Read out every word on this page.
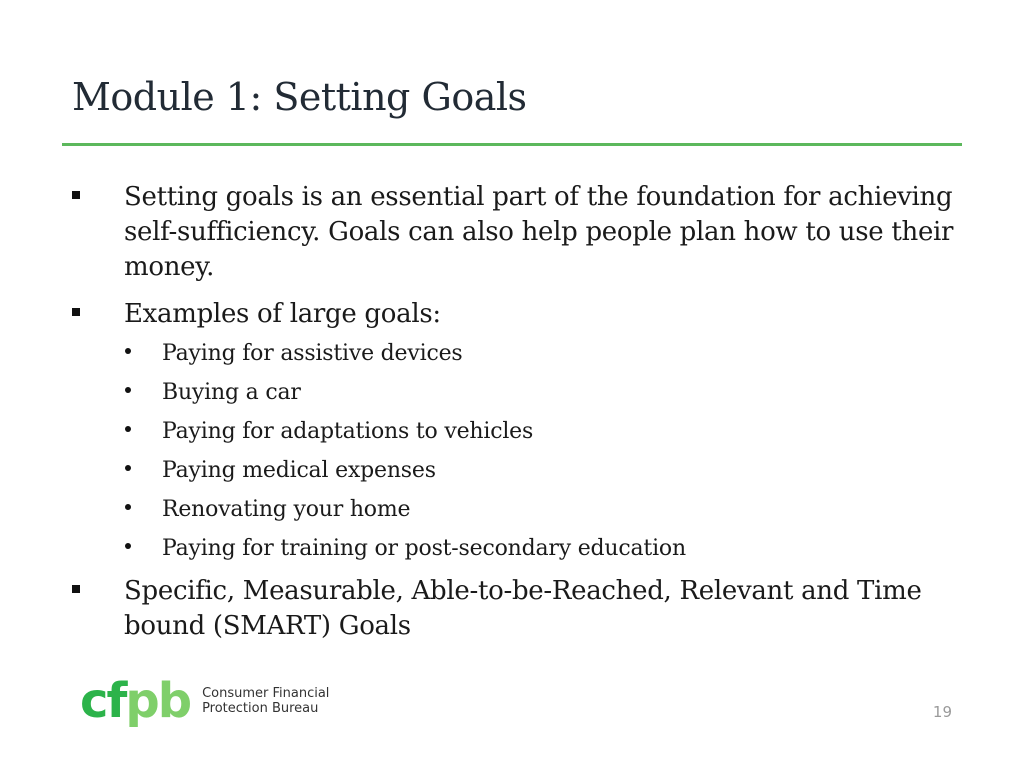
Module 1: Setting Goals
Setting goals is an essential part of the foundation for achieving self-sufficiency. Goals can also help people plan how to use their money.
Examples of large goals:
Paying for assistive devices
Buying a car
Paying for adaptations to vehicles
Paying medical expenses
Renovating your home
Paying for training or post-secondary education
Specific, Measurable, Able-to-be-Reached, Relevant and Time bound (SMART) Goals
cf pb Consumer Financial
Protection Bureau	19
